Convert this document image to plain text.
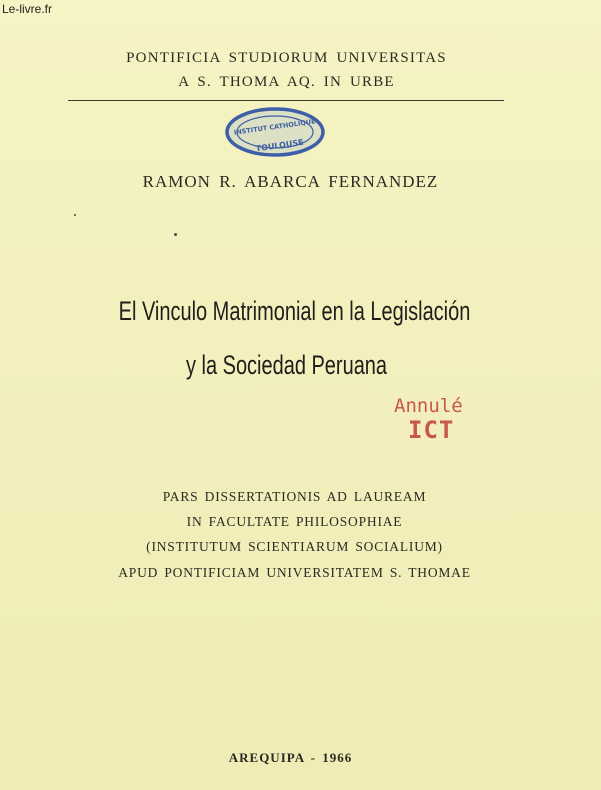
Le-livre.fr
PONTIFICIA STUDIORUM UNIVERSITAS
A S. THOMA AQ. IN URBE
INSTITUT CATHOLIQUE
TOULOUSE
RAMON R. ABARCA FERNANDEZ
El Vinculo Matrimonial en la Legislación
y la Sociedad Peruana
Annulé
ICT
PARS DISSERTATIONIS AD LAUREAM
IN FACULTATE PHILOSOPHIAE
(INSTITUTUM SCIENTIARUM SOCIALIUM)
APUD PONTIFICIAM UNIVERSITATEM S. THOMAE
AREQUIPA - 1966
